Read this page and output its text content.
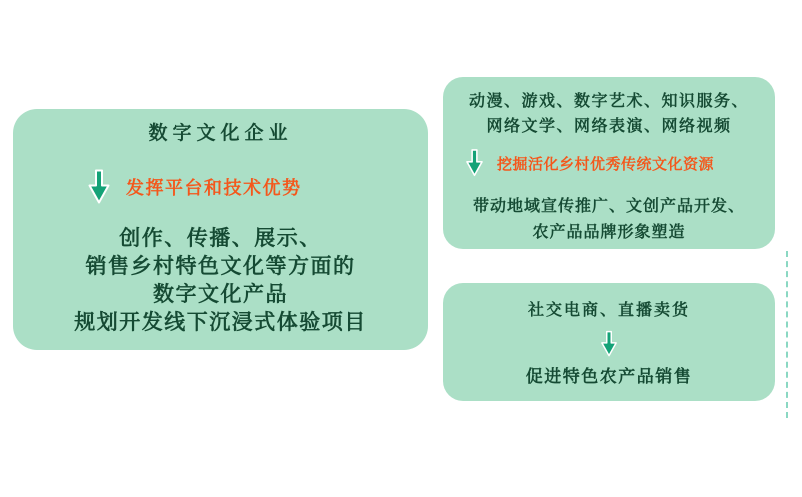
数字文化企业
发挥平台和技术优势
创作、传播、展示、
销售乡村特色文化等方面的
数字文化产品
规划开发线下沉浸式体验项目
动漫、游戏、数字艺术、知识服务、
网络文学、网络表演、网络视频
挖掘活化乡村优秀传统文化资源
带动地域宣传推广、文创产品开发、
农产品品牌形象塑造
社交电商、直播卖货
促进特色农产品销售
